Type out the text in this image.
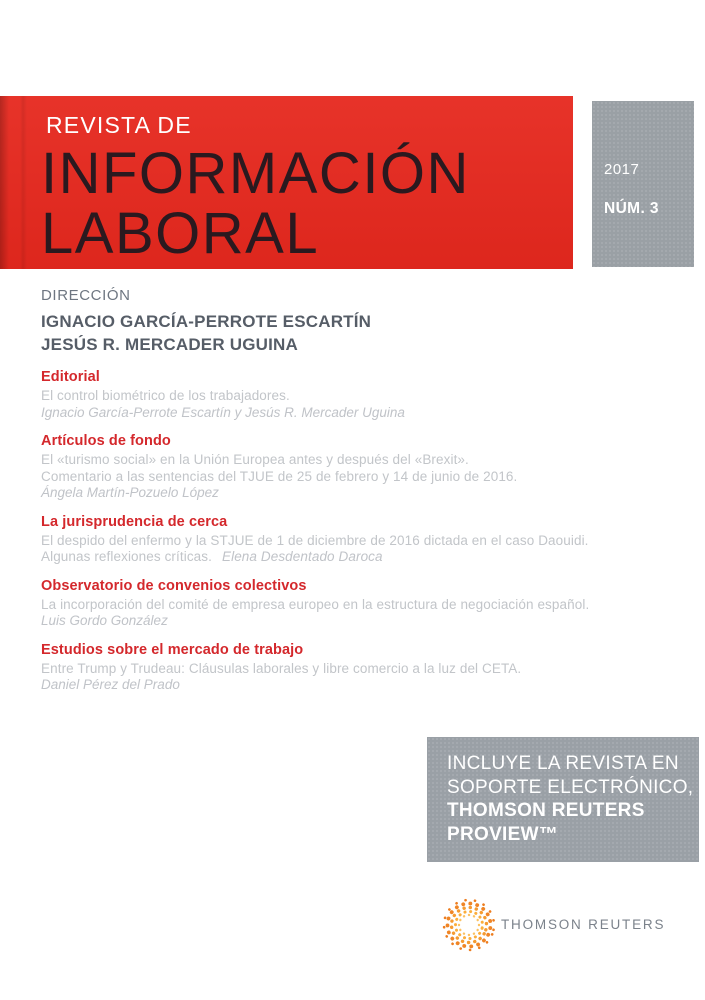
REVISTA DE
INFORMACIÓN
LABORAL
2017
NÚM. 3
DIRECCIÓN
IGNACIO GARCÍA-PERROTE ESCARTÍN
JESÚS R. MERCADER UGUINA
Editorial
El control biométrico de los trabajadores.
Ignacio García-Perrote Escartín y Jesús R. Mercader Uguina
Artículos de fondo
El «turismo social» en la Unión Europea antes y después del «Brexit».
Comentario a las sentencias del TJUE de 25 de febrero y 14 de junio de 2016.
Ángela Martín-Pozuelo López
La jurisprudencia de cerca
El despido del enfermo y la STJUE de 1 de diciembre de 2016 dictada en el caso Daouidi.
Algunas reflexiones críticas. Elena Desdentado Daroca
Observatorio de convenios colectivos
La incorporación del comité de empresa europeo en la estructura de negociación español.
Luis Gordo González
Estudios sobre el mercado de trabajo
Entre Trump y Trudeau: Cláusulas laborales y libre comercio a la luz del CETA.
Daniel Pérez del Prado
INCLUYE LA REVISTA EN
SOPORTE ELECTRÓNICO,
THOMSON REUTERS
PROVIEW™
THOMSON REUTERS
